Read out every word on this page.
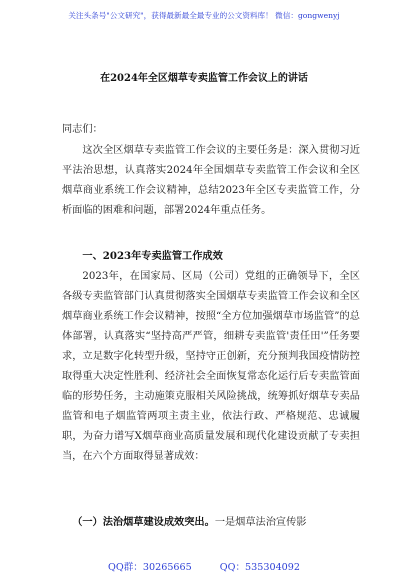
关注头条号"公文研究"，获得最新最全最专业的公文资料库！ 微信：gongwenyj
在2024年全区烟草专卖监管工作会议上的讲话
同志们：
这次全区烟草专卖监管工作会议的主要任务是：深入贯彻习近平法治思想，认真落实2024年全国烟草专卖监管工作会议和全区烟草商业系统工作会议精神，总结2023年全区专卖监管工作，分析面临的困难和问题，部署2024年重点任务。
一、2023年专卖监管工作成效
2023年，在国家局、区局（公司）党组的正确领导下，全区各级专卖监管部门认真贯彻落实全国烟草专卖监管工作会议和全区烟草商业系统工作会议精神，按照“全方位加强烟草市场监管”的总体部署，认真落实“坚持高严严管，细耕专卖监管'责任田'”任务要求，立足数字化转型升级，坚持守正创新，充分预判我国疫情防控取得重大决定性胜利、经济社会全面恢复常态化运行后专卖监管面临的形势任务，主动施策克服相关风险挑战，统筹抓好烟草专卖品监管和电子烟监管两项主责主业，依法行政、严格规范、忠诚履职，为奋力谱写X烟草商业高质量发展和现代化建设贡献了专卖担当，在六个方面取得显著成效：
（一）法治烟草建设成效突出。一是烟草法治宣传影
QQ群：30265665	QQ：535304092
